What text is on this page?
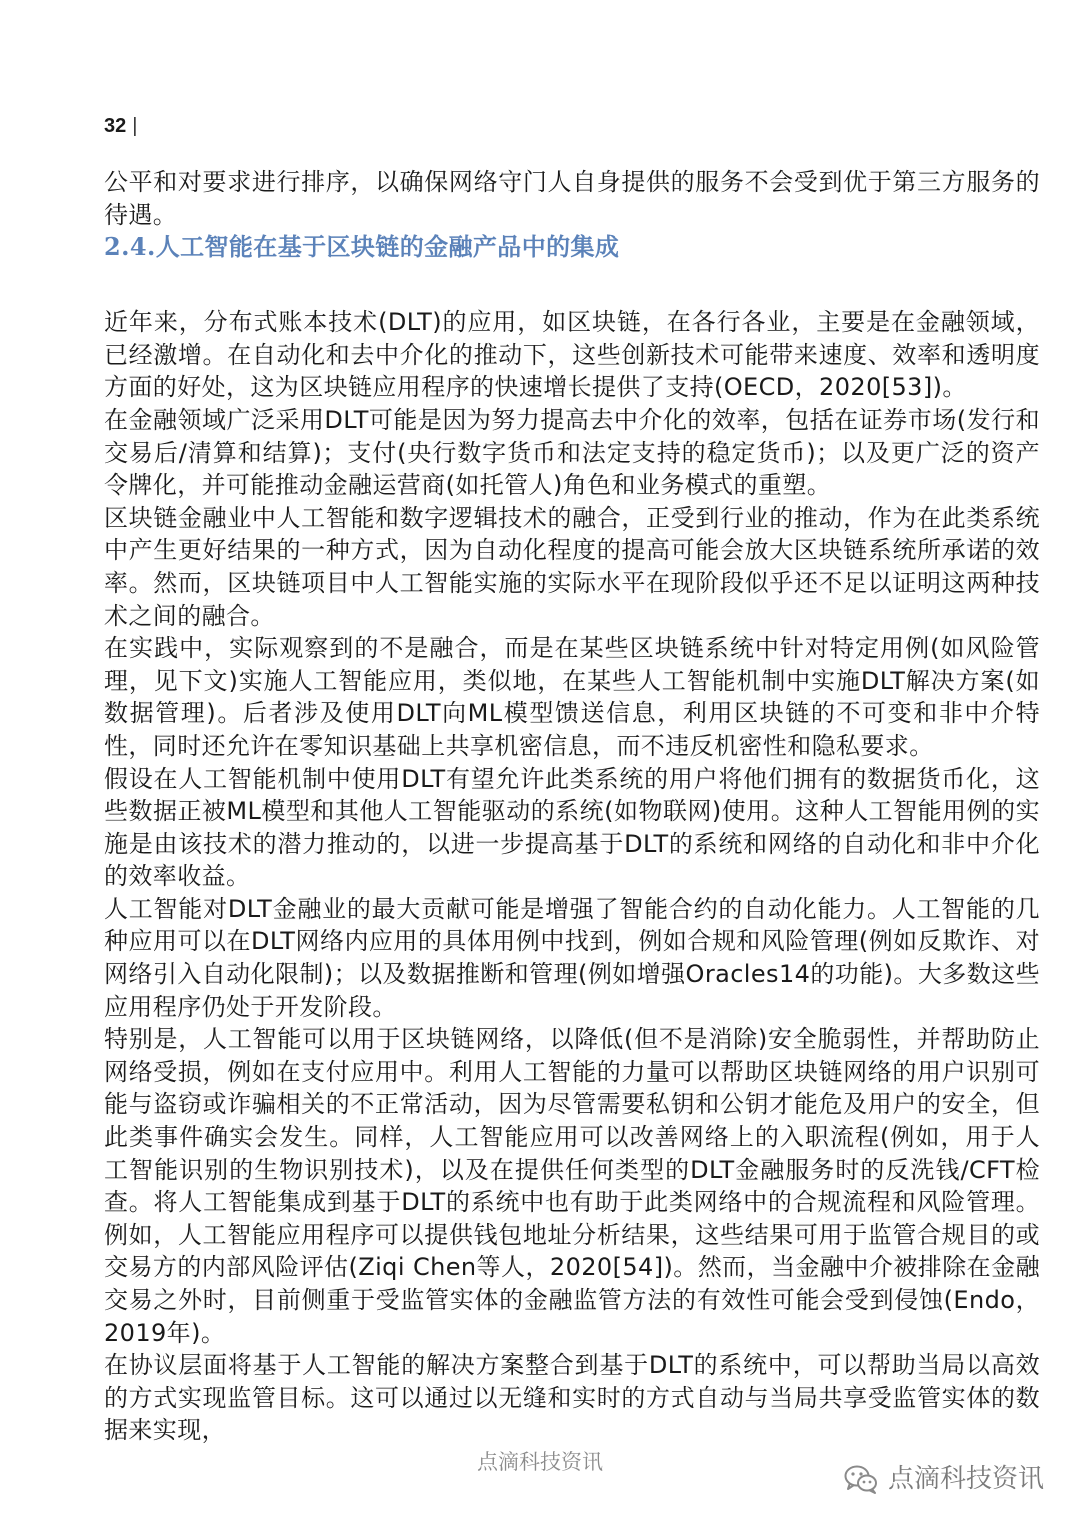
32 |

公平和对要求进行排序，以确保网络守门人自身提供的服务不会受到优于第三方服务的待遇。

2.4.人工智能在基于区块链的金融产品中的集成

近年来，分布式账本技术(DLT)的应用，如区块链，在各行各业，主要是在金融领域，已经激增。在自动化和去中介化的推动下，这些创新技术可能带来速度、效率和透明度方面的好处，这为区块链应用程序的快速增长提供了支持(OECD，2020[53])。

在金融领域广泛采用DLT可能是因为努力提高去中介化的效率，包括在证券市场(发行和交易后/清算和结算)；支付(央行数字货币和法定支持的稳定货币)；以及更广泛的资产令牌化，并可能推动金融运营商(如托管人)角色和业务模式的重塑。

区块链金融业中人工智能和数字逻辑技术的融合，正受到行业的推动，作为在此类系统中产生更好结果的一种方式，因为自动化程度的提高可能会放大区块链系统所承诺的效率。然而，区块链项目中人工智能实施的实际水平在现阶段似乎还不足以证明这两种技术之间的融合。

在实践中，实际观察到的不是融合，而是在某些区块链系统中针对特定用例(如风险管理，见下文)实施人工智能应用，类似地，在某些人工智能机制中实施DLT解决方案(如数据管理)。后者涉及使用DLT向ML模型馈送信息，利用区块链的不可变和非中介特性，同时还允许在零知识基础上共享机密信息，而不违反机密性和隐私要求。

假设在人工智能机制中使用DLT有望允许此类系统的用户将他们拥有的数据货币化，这些数据正被ML模型和其他人工智能驱动的系统(如物联网)使用。这种人工智能用例的实施是由该技术的潜力推动的，以进一步提高基于DLT的系统和网络的自动化和非中介化的效率收益。

人工智能对DLT金融业的最大贡献可能是增强了智能合约的自动化能力。人工智能的几种应用可以在DLT网络内应用的具体用例中找到，例如合规和风险管理(例如反欺诈、对网络引入自动化限制)；以及数据推断和管理(例如增强Oracles14的功能)。大多数这些应用程序仍处于开发阶段。

特别是，人工智能可以用于区块链网络，以降低(但不是消除)安全脆弱性，并帮助防止网络受损，例如在支付应用中。利用人工智能的力量可以帮助区块链网络的用户识别可能与盗窃或诈骗相关的不正常活动，因为尽管需要私钥和公钥才能危及用户的安全，但此类事件确实会发生。同样，人工智能应用可以改善网络上的入职流程(例如，用于人工智能识别的生物识别技术)，以及在提供任何类型的DLT金融服务时的反洗钱/CFT检查。将人工智能集成到基于DLT的系统中也有助于此类网络中的合规流程和风险管理。例如，人工智能应用程序可以提供钱包地址分析结果，这些结果可用于监管合规目的或交易方的内部风险评估(Ziqi Chen等人，2020[54])。然而，当金融中介被排除在金融交易之外时，目前侧重于受监管实体的金融监管方法的有效性可能会受到侵蚀(Endo，2019年)。

在协议层面将基于人工智能的解决方案整合到基于DLT的系统中，可以帮助当局以高效的方式实现监管目标。这可以通过以无缝和实时的方式自动与当局共享受监管实体的数据来实现，

点滴科技资讯
点滴科技资讯
